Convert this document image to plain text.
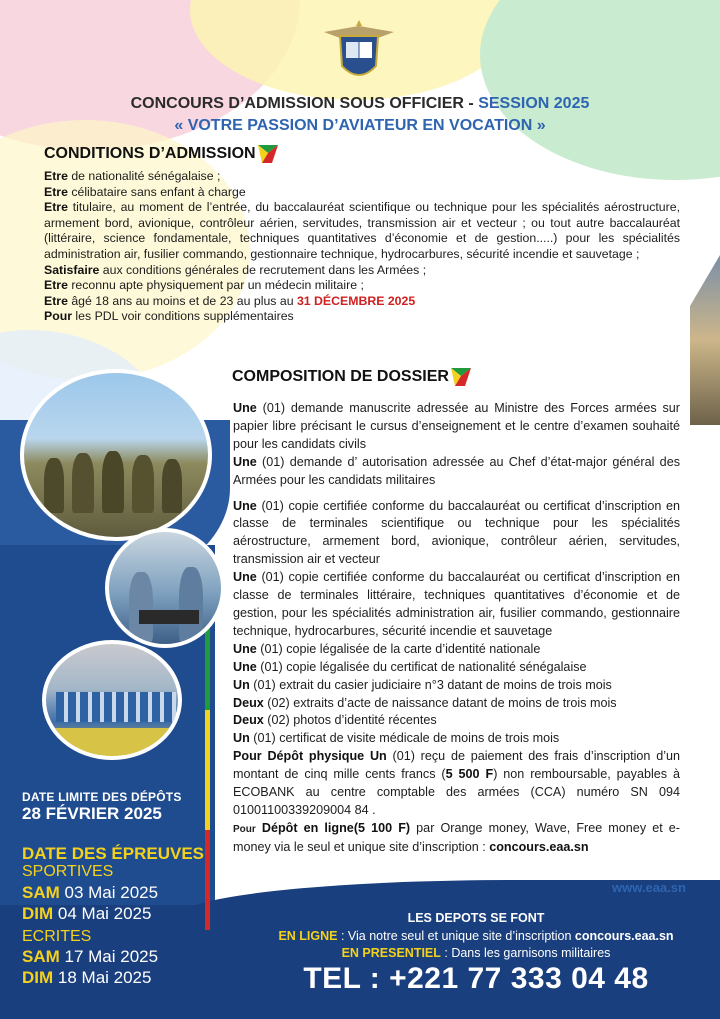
CONCOURS D’ADMISSION SOUS OFFICIER - SESSION 2025
« VOTRE PASSION D’AVIATEUR EN VOCATION »
CONDITIONS D’ADMISSION

Etre de nationalité sénégalaise ;

Etre célibataire sans enfant à charge

Etre titulaire, au moment de l’entrée, du baccalauréat scientifique ou technique pour les spécialités aérostructure, armement bord, avionique, contrôleur aérien, servitudes, transmission air et vecteur ; ou tout autre baccalauréat (littéraire, science fondamentale, techniques quantitatives d’économie et de gestion.....) pour les spécialités administration air, fusilier commando, gestionnaire technique, hydrocarbures, sécurité incendie et sauvetage ;

Satisfaire aux conditions générales de recrutement dans les Armées ;

Etre reconnu apte physiquement par un médecin militaire ;

Etre âgé 18 ans au moins et de 23 au plus au 31 DÉCEMBRE 2025

Pour les PDL voir conditions supplémentaires

COMPOSITION DE DOSSIER

Une (01) demande manuscrite adressée au Ministre des Forces armées sur papier libre précisant le cursus d’enseignement et le centre d’examen souhaité pour les candidats civils

Une (01) demande d’ autorisation adressée au Chef d’état-major général des Armées pour les candidats militaires

Une (01) copie certifiée conforme du baccalauréat ou certificat d’inscription en classe de terminales scientifique ou technique pour les spécialités aérostructure, armement bord, avionique, contrôleur aérien, servitudes, transmission air et vecteur

Une (01) copie certifiée conforme du baccalauréat ou certificat d’inscription en classe de terminales littéraire, techniques quantitatives d’économie et de gestion, pour les spécialités administration air, fusilier commando, gestionnaire technique, hydrocarbures, sécurité incendie et sauvetage

Une (01) copie légalisée de la carte d’identité nationale

Une (01) copie légalisée du certificat de nationalité sénégalaise

Un (01) extrait du casier judiciaire n°3 datant de moins de trois mois

Deux (02) extraits d’acte de naissance datant de moins de trois mois

Deux (02) photos d’identité récentes

Un (01) certificat de visite médicale de moins de trois mois

Pour Dépôt physique Un (01) reçu de paiement des frais d’inscription d’un montant de cinq mille cents francs (5 500 F) non remboursable, payables à ECOBANK au centre comptable des armées (CCA) numéro SN 094 01001100339209004 84 .

Pour Dépôt en ligne(5 100 F) par Orange money, Wave, Free money et e-money via le seul et unique site d’inscription : concours.eaa.sn

DATE LIMITE DES DÉPÔTS
28 FÉVRIER 2025
DATE DES ÉPREUVES
SPORTIVES
SAM 03 Mai 2025
DIM 04 Mai 2025
ECRITES
SAM 17 Mai 2025
DIM 18 Mai 2025
www.eaa.sn
LES DEPOTS SE FONT
EN LIGNE : Via notre seul et unique site d’inscription concours.eaa.sn
EN PRESENTIEL : Dans les garnisons militaires
TEL : +221 77 333 04 48
